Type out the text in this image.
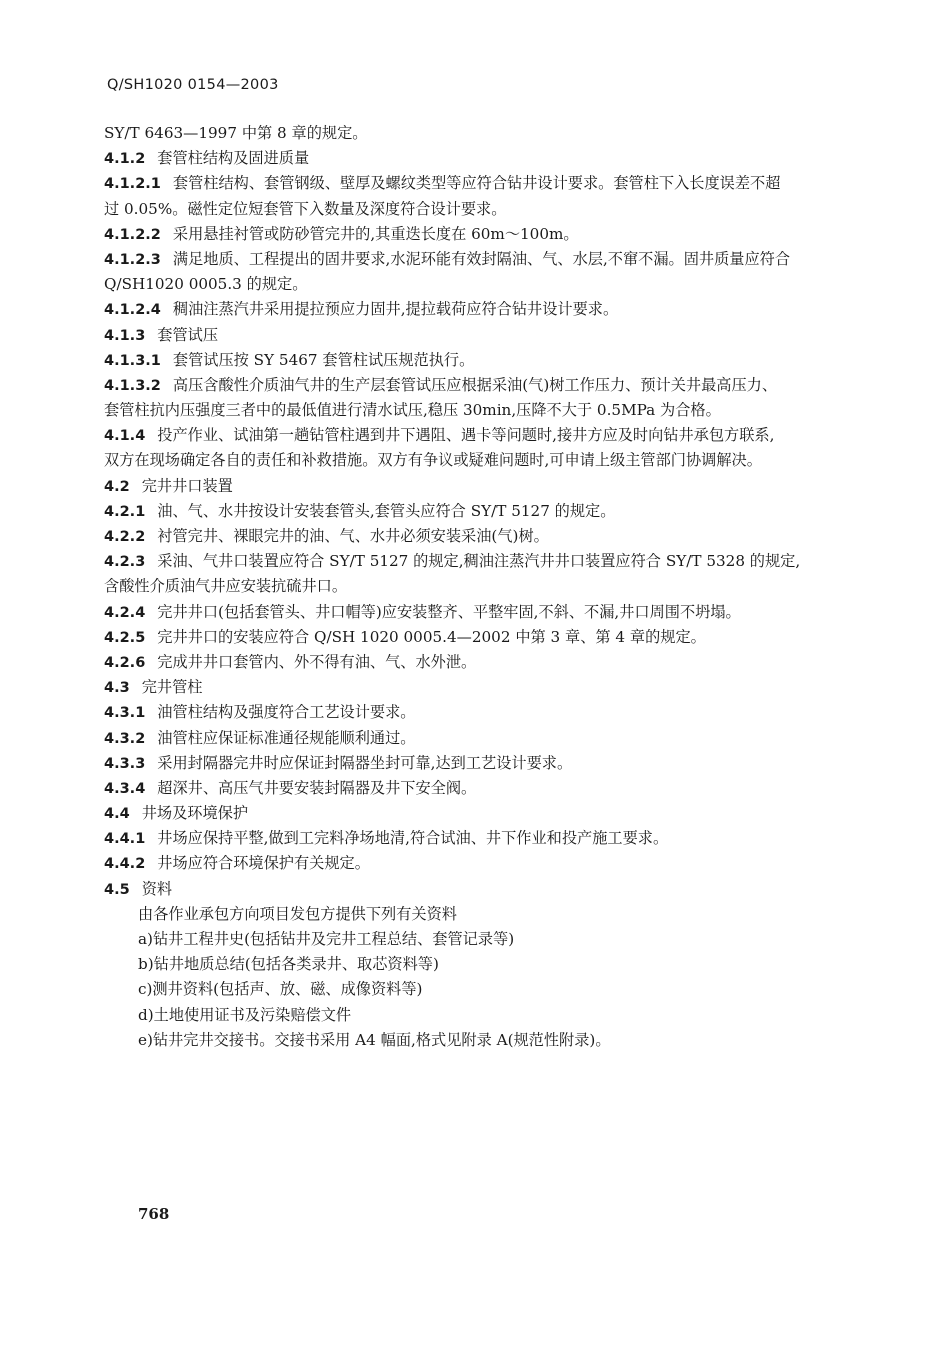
Q/SH1020 0154—2003
SY/T 6463—1997 中第 8 章的规定。
4.1.2 套管柱结构及固进质量
4.1.2.1 套管柱结构、套管钢级、壁厚及螺纹类型等应符合钻井设计要求。套管柱下入长度误差不超
过 0.05%。磁性定位短套管下入数量及深度符合设计要求。
4.1.2.2 采用悬挂衬管或防砂管完井的,其重迭长度在 60m～100m。
4.1.2.3 满足地质、工程提出的固井要求,水泥环能有效封隔油、气、水层,不窜不漏。固井质量应符合
Q/SH1020 0005.3 的规定。
4.1.2.4 稠油注蒸汽井采用提拉预应力固井,提拉载荷应符合钻井设计要求。
4.1.3 套管试压
4.1.3.1 套管试压按 SY 5467 套管柱试压规范执行。
4.1.3.2 高压含酸性介质油气井的生产层套管试压应根据采油(气)树工作压力、预计关井最高压力、
套管柱抗内压强度三者中的最低值进行清水试压,稳压 30min,压降不大于 0.5MPa 为合格。
4.1.4 投产作业、试油第一趟钻管柱遇到井下遇阻、遇卡等问题时,接井方应及时向钻井承包方联系,
双方在现场确定各自的责任和补救措施。双方有争议或疑难问题时,可申请上级主管部门协调解决。
4.2 完井井口装置
4.2.1 油、气、水井按设计安装套管头,套管头应符合 SY/T 5127 的规定。
4.2.2 衬管完井、裸眼完井的油、气、水井必须安装采油(气)树。
4.2.3 采油、气井口装置应符合 SY/T 5127 的规定,稠油注蒸汽井井口装置应符合 SY/T 5328 的规定,
含酸性介质油气井应安装抗硫井口。
4.2.4 完井井口(包括套管头、井口帽等)应安装整齐、平整牢固,不斜、不漏,井口周围不坍塌。
4.2.5 完井井口的安装应符合 Q/SH 1020 0005.4—2002 中第 3 章、第 4 章的规定。
4.2.6 完成井井口套管内、外不得有油、气、水外泄。
4.3 完井管柱
4.3.1 油管柱结构及强度符合工艺设计要求。
4.3.2 油管柱应保证标准通径规能顺利通过。
4.3.3 采用封隔器完井时应保证封隔器坐封可靠,达到工艺设计要求。
4.3.4 超深井、高压气井要安装封隔器及井下安全阀。
4.4 井场及环境保护
4.4.1 井场应保持平整,做到工完料净场地清,符合试油、井下作业和投产施工要求。
4.4.2 井场应符合环境保护有关规定。
4.5 资料
由各作业承包方向项目发包方提供下列有关资料
a)钻井工程井史(包括钻井及完井工程总结、套管记录等)
b)钻井地质总结(包括各类录井、取芯资料等)
c)测井资料(包括声、放、磁、成像资料等)
d)土地使用证书及污染赔偿文件
e)钻井完井交接书。交接书采用 A4 幅面,格式见附录 A(规范性附录)。
768
